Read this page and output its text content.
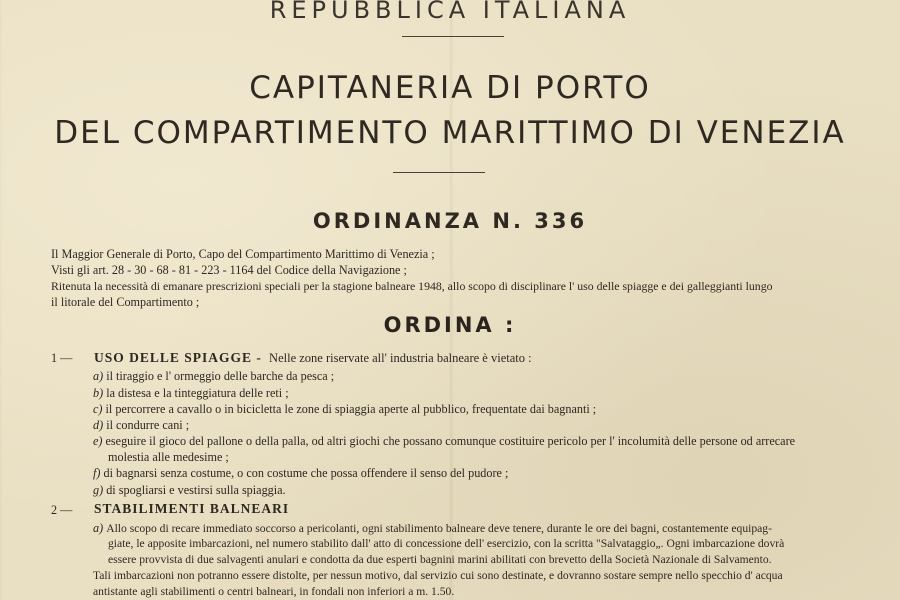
REPUBBLICA ITALIANA
CAPITANERIA DI PORTO
DEL COMPARTIMENTO MARITTIMO DI VENEZIA
ORDINANZA N. 336
Il Maggior Generale di Porto, Capo del Compartimento Marittimo di Venezia ;
Visti gli art. 28 - 30 - 68 - 81 - 223 - 1164 del Codice della Navigazione ;
Ritenuta la necessità di emanare prescrizioni speciali per la stagione balneare 1948, allo scopo di disciplinare l' uso delle spiagge e dei galleggianti lungo
il litorale del Compartimento ;
ORDINA :
1 — USO DELLE SPIAGGE - Nelle zone riservate all' industria balneare è vietato :
a) il tiraggio e l' ormeggio delle barche da pesca ;
b) la distesa e la tinteggiatura delle reti ;
c) il percorrere a cavallo o in bicicletta le zone di spiaggia aperte al pubblico, frequentate dai bagnanti ;
d) il condurre cani ;
e) eseguire il gioco del pallone o della palla, od altri giochi che possano comunque costituire pericolo per l' incolumità delle persone od arrecare
molestia alle medesime ;
f) di bagnarsi senza costume, o con costume che possa offendere il senso del pudore ;
g) di spogliarsi e vestirsi sulla spiaggia.
2 — STABILIMENTI BALNEARI
a) Allo scopo di recare immediato soccorso a pericolanti, ogni stabilimento balneare deve tenere, durante le ore dei bagni, costantemente equipag-
giate, le apposite imbarcazioni, nel numero stabilito dall' atto di concessione dell' esercizio, con la scritta "Salvataggio„. Ogni imbarcazione dovrà
essere provvista di due salvagenti anulari e condotta da due esperti bagnini marini abilitati con brevetto della Società Nazionale di Salvamento.
Tali imbarcazioni non potranno essere distolte, per nessun motivo, dal servizio cui sono destinate, e dovranno sostare sempre nello specchio d' acqua
antistante agli stabilimenti o centri balneari, in fondali non inferiori a m. 1.50.
